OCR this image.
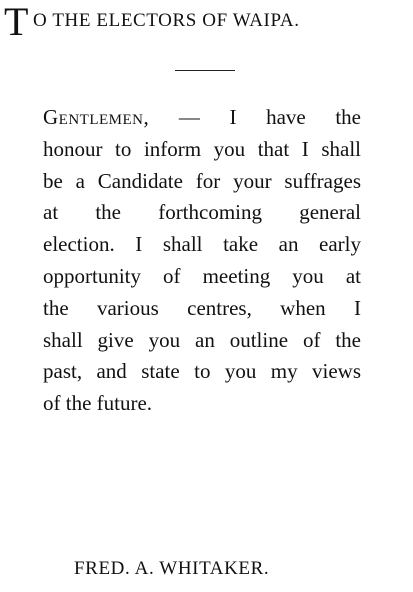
T O THE ELECTORS OF WAIPA.
Gentlemen, — I have the
honour to inform you that I shall
be a Candidate for your suffrages
at the forthcoming general
election. I shall take an early
opportunity of meeting you at
the various centres, when I
shall give you an outline of the
past, and state to you my views
of the future.
FRED. A. WHITAKER.
